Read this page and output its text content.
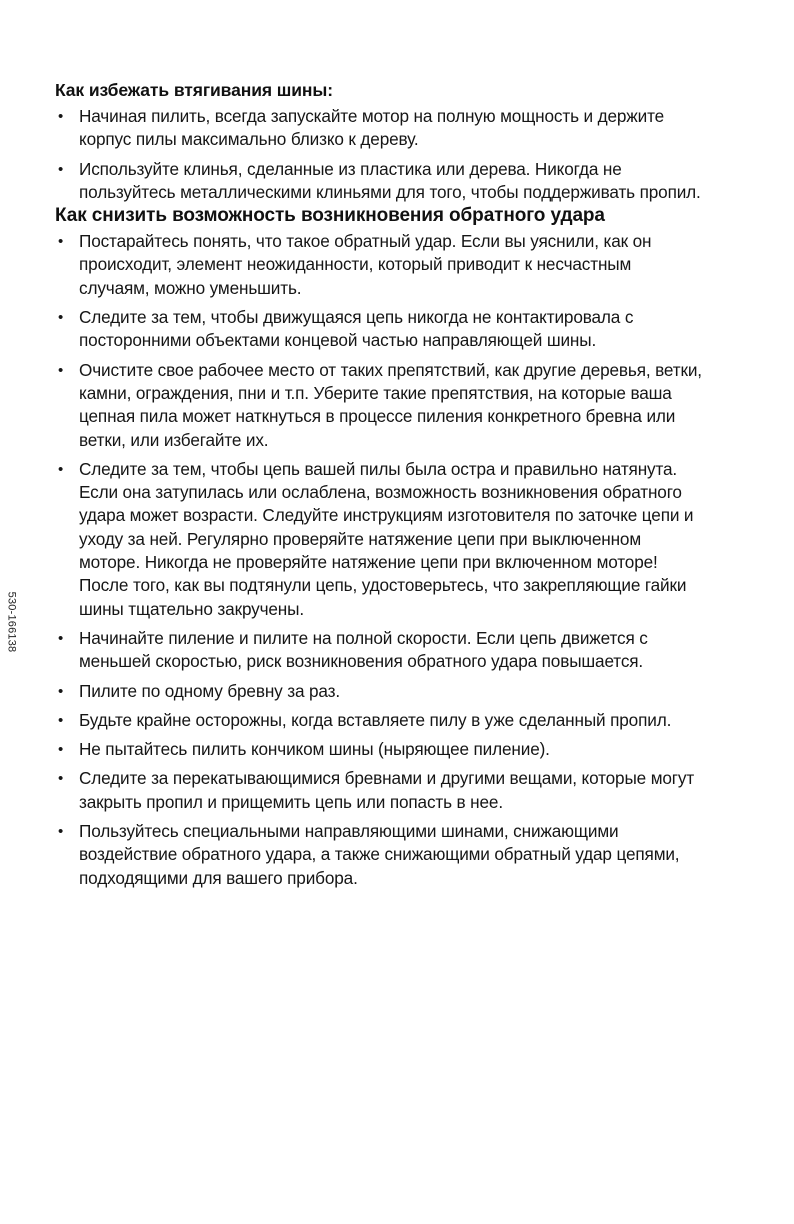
530-166138
Как избежать втягивания шины:
• Начиная пилить, всегда запускайте мотор на полную мощность и держите корпус пилы максимально близко к дереву.
• Используйте клинья, сделанные из пластика или дерева. Никогда не пользуйтесь металлическими клиньями для того, чтобы поддерживать пропил.
Как снизить возможность возникновения обратного удара
• Постарайтесь понять, что такое обратный удар. Если вы уяснили, как он происходит, элемент неожиданности, который приводит к несчастным случаям, можно уменьшить.
• Следите за тем, чтобы движущаяся цепь никогда не контактировала с посторонними объектами концевой частью направляющей шины.
• Очистите свое рабочее место от таких препятствий, как другие деревья, ветки, камни, ограждения, пни и т.п. Уберите такие препятствия, на которые ваша цепная пила может наткнуться в процессе пиления конкретного бревна или ветки, или избегайте их.
• Следите за тем, чтобы цепь вашей пилы была остра и правильно натянута. Если она затупилась или ослаблена, возможность возникновения обратного удара может возрасти. Следуйте инструкциям изготовителя по заточке цепи и уходу за ней. Регулярно проверяйте натяжение цепи при выключенном моторе. Никогда не проверяйте натяжение цепи при включенном моторе! После того, как вы подтянули цепь, удостоверьтесь, что закрепляющие гайки шины тщательно закручены.
• Начинайте пиление и пилите на полной скорости. Если цепь движется с меньшей скоростью, риск возникновения обратного удара повышается.
• Пилите по одному бревну за раз.
• Будьте крайне осторожны, когда вставляете пилу в уже сделанный пропил.
• Не пытайтесь пилить кончиком шины (ныряющее пиление).
• Следите за перекатывающимися бревнами и другими вещами, которые могут закрыть пропил и прищемить цепь или попасть в нее.
• Пользуйтесь специальными направляющими шинами, снижающими воздействие обратного удара, а также снижающими обратный удар цепями, подходящими для вашего прибора.
